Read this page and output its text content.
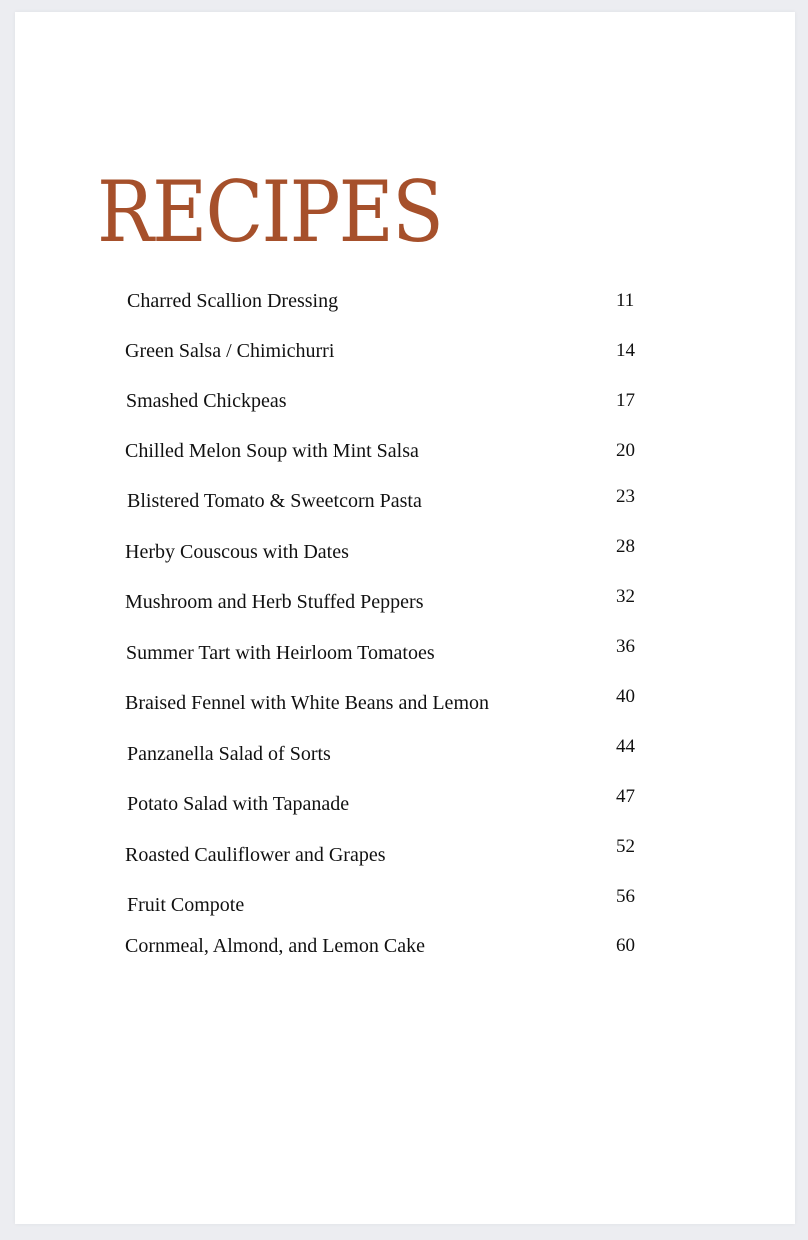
RECIPES
Charred Scallion Dressing	11
Green Salsa / Chimichurri	14
Smashed Chickpeas	17
Chilled Melon Soup with Mint Salsa	20
Blistered Tomato & Sweetcorn Pasta	23
Herby Couscous with Dates	28
Mushroom and Herb Stuffed Peppers	32
Summer Tart with Heirloom Tomatoes	36
Braised Fennel with White Beans and Lemon	40
Panzanella Salad of Sorts	44
Potato Salad with Tapanade	47
Roasted Cauliflower and Grapes	52
Fruit Compote	56
Cornmeal, Almond, and Lemon Cake	60
